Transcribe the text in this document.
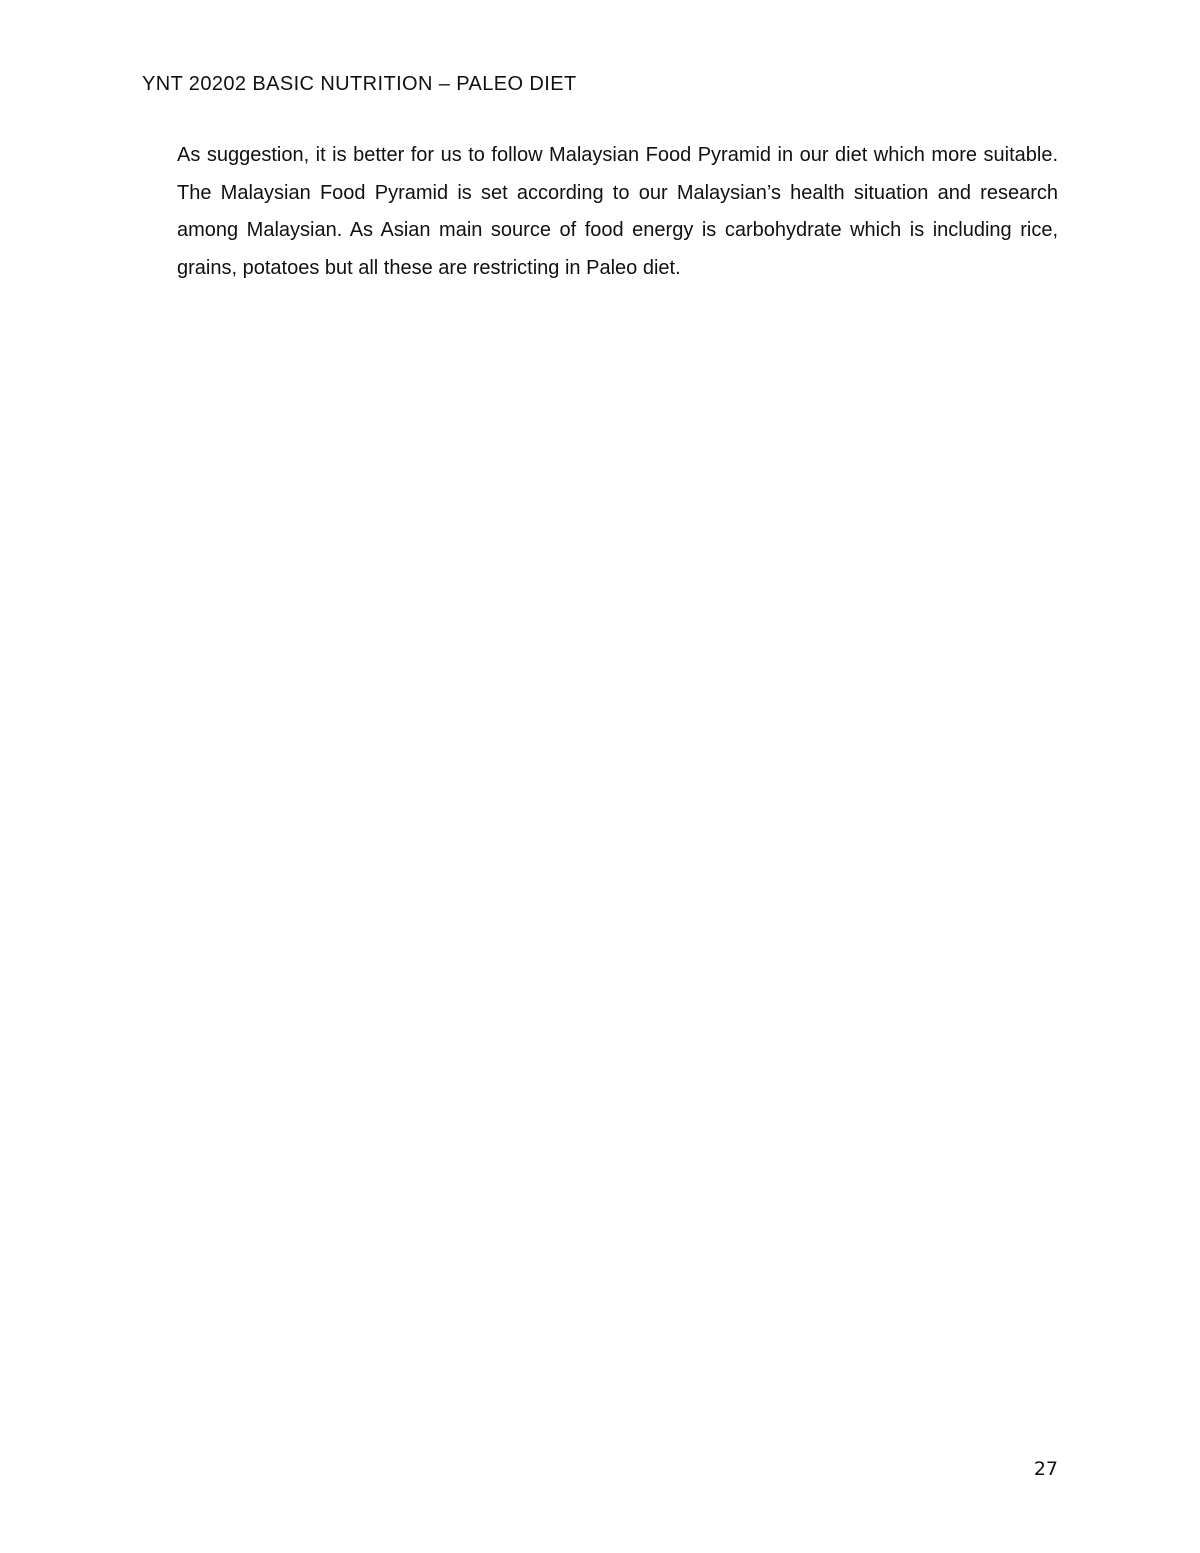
YNT 20202 BASIC NUTRITION – PALEO DIET

As suggestion, it is better for us to follow Malaysian Food Pyramid in our diet which more suitable. The Malaysian Food Pyramid is set according to our Malaysian’s health situation and research among Malaysian. As Asian main source of food energy is carbohydrate which is including rice, grains, potatoes but all these are restricting in Paleo diet.

27
